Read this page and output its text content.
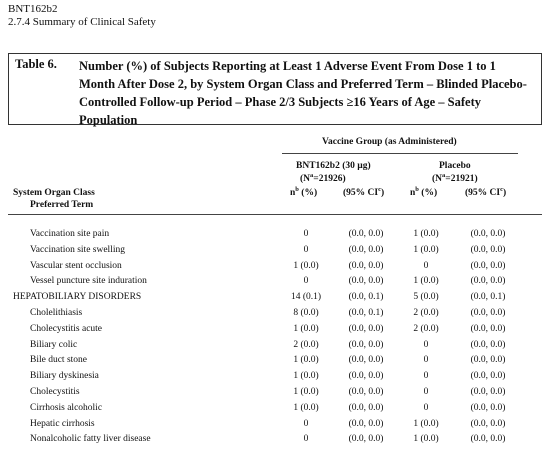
BNT162b2
2.7.4 Summary of Clinical Safety
Table 6. Number (%) of Subjects Reporting at Least 1 Adverse Event From Dose 1 to 1 Month After Dose 2, by System Organ Class and Preferred Term – Blinded Placebo-Controlled Follow-up Period – Phase 2/3 Subjects ≥16 Years of Age – Safety Population
Vaccine Group (as Administered)
BNT162b2 (30 µg)
$(N^a=21926)$
Placebo
$(N^a=21921)$
System Organ Class
Preferred Term
$n^b$ (%)	(95% $CI^c$)	$n^b$ (%)	(95% $CI^c$)
Vaccination site pain	0	(0.0, 0.0)	1 (0.0)	(0.0, 0.0)
Vaccination site swelling	0	(0.0, 0.0)	1 (0.0)	(0.0, 0.0)
Vascular stent occlusion	1 (0.0)	(0.0, 0.0)	0	(0.0, 0.0)
Vessel puncture site induration	0	(0.0, 0.0)	1 (0.0)	(0.0, 0.0)
HEPATOBILIARY DISORDERS	14 (0.1)	(0.0, 0.1)	5 (0.0)	(0.0, 0.1)
Cholelithiasis	8 (0.0)	(0.0, 0.1)	2 (0.0)	(0.0, 0.0)
Cholecystitis acute	1 (0.0)	(0.0, 0.0)	2 (0.0)	(0.0, 0.0)
Biliary colic	2 (0.0)	(0.0, 0.0)	0	(0.0, 0.0)
Bile duct stone	1 (0.0)	(0.0, 0.0)	0	(0.0, 0.0)
Biliary dyskinesia	1 (0.0)	(0.0, 0.0)	0	(0.0, 0.0)
Cholecystitis	1 (0.0)	(0.0, 0.0)	0	(0.0, 0.0)
Cirrhosis alcoholic	1 (0.0)	(0.0, 0.0)	0	(0.0, 0.0)
Hepatic cirrhosis	0	(0.0, 0.0)	1 (0.0)	(0.0, 0.0)
Nonalcoholic fatty liver disease	0	(0.0, 0.0)	1 (0.0)	(0.0, 0.0)
